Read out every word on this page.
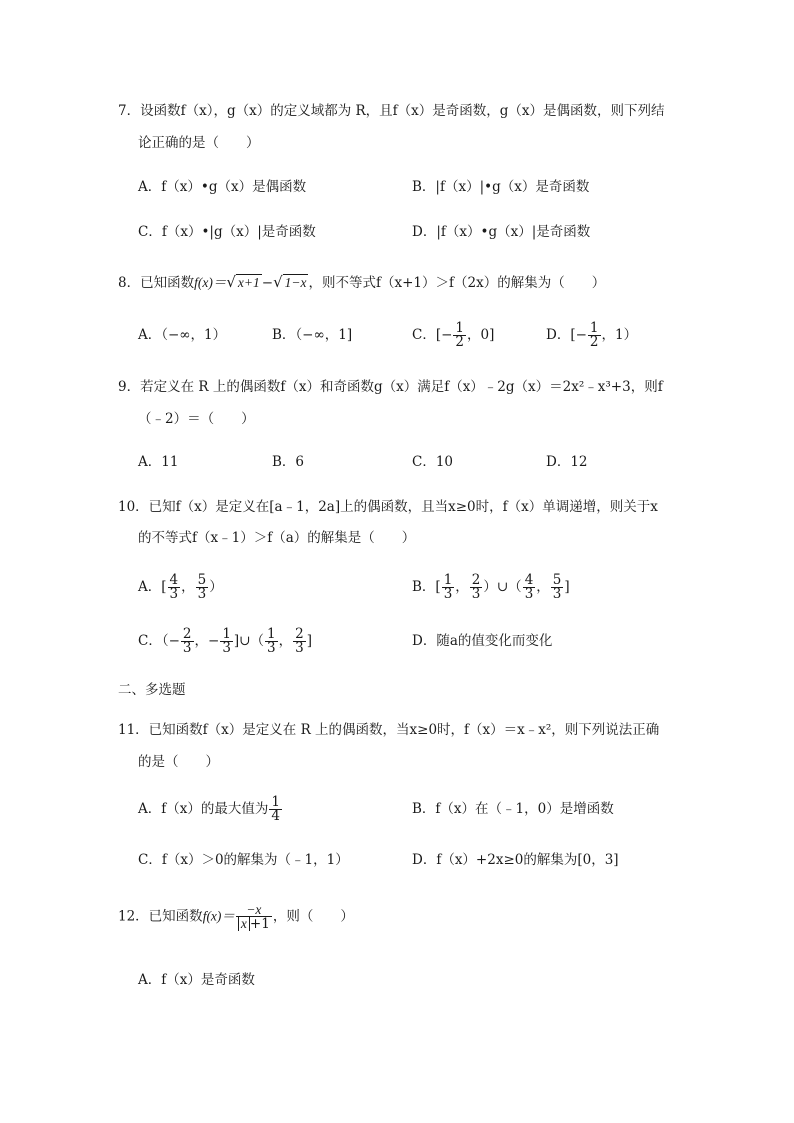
7．设函数f（x），g（x）的定义域都为 R，且f（x）是奇函数，g（x）是偶函数，则下列结
论正确的是（　　）
A．f（x）•g（x）是偶函数	B．|f（x）|•g（x）是奇函数
C．f（x）•|g（x）|是奇函数	D．|f（x）•g（x）|是奇函数
8．已知函数f(x)＝√ x+1 −√ 1−x ，则不等式f（x+1）＞f（2x）的解集为（　　）
A．（−∞，1）	B．（−∞，1]	C．[− $\frac{1}{2}$ ，0]	D．[− $\frac{1}{2}$ ，1）
9．若定义在 R 上的偶函数f（x）和奇函数g（x）满足f（x）﹣2g（x）＝2x²﹣x³+3，则f
（﹣2）＝（　　）
A．11	B．6	C．10	D．12
10．已知f（x）是定义在[a﹣1，2a]上的偶函数，且当x≥0时，f（x）单调递增，则关于x
的不等式f（x﹣1）＞f（a）的解集是（　　）
A．[ $\frac{4}{3}$ ， $\frac{5}{3}$ ）	B．[ $\frac{1}{3}$ ， $\frac{2}{3}$ ）∪（ $\frac{4}{3}$ ， $\frac{5}{3}$ ]
C．（− $\frac{2}{3}$ ，− $\frac{1}{3}$ ]∪（ $\frac{1}{3}$ ， $\frac{2}{3}$ ]	D．随a的值变化而变化
二、多选题
11．已知函数f（x）是定义在 R 上的偶函数，当x≥0时，f（x）＝x﹣x²，则下列说法正确
的是（　　）
A．f（x）的最大值为 $\frac{1}{4}$	B．f（x）在（﹣1，0）是增函数
C．f（x）＞0的解集为（﹣1，1）	D．f（x）+2x≥0的解集为[0，3]
12．已知函数$f(x)= \frac{-x}{x +1}$ ，则（　　）
A．f（x）是奇函数
